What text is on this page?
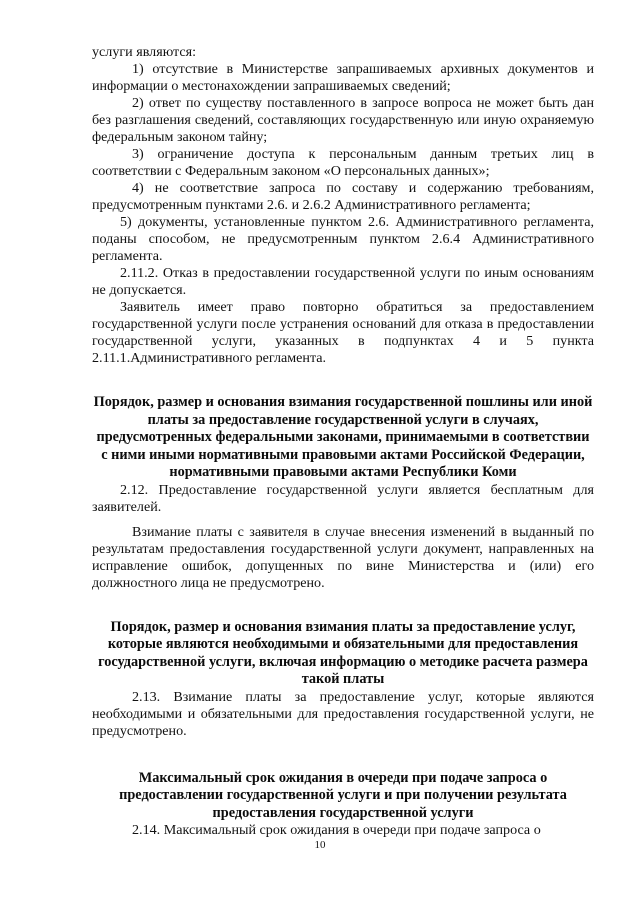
услуги являются:

1) отсутствие в Министерстве запрашиваемых архивных документов и информации о местонахождении запрашиваемых сведений;

2) ответ по существу поставленного в запросе вопроса не может быть дан без разглашения сведений, составляющих государственную или иную охраняемую федеральным законом тайну;

3) ограничение доступа к персональным данным третьих лиц в соответствии с Федеральным законом «О персональных данных»;

4) не соответствие запроса по составу и содержанию требованиям, предусмотренным пунктами 2.6. и 2.6.2 Административного регламента;

5) документы, установленные пунктом 2.6. Административного регламента, поданы способом, не предусмотренным пунктом 2.6.4 Административного регламента.

2.11.2. Отказ в предоставлении государственной услуги по иным основаниям не допускается.

Заявитель имеет право повторно обратиться за предоставлением государственной услуги после устранения оснований для отказа в предоставлении государственной услуги, указанных в подпунктах 4 и 5 пункта 2.11.1.Административного регламента.

Порядок, размер и основания взимания государственной пошлины или иной платы за предоставление государственной услуги в случаях, предусмотренных федеральными законами, принимаемыми в соответствии с ними иными нормативными правовыми актами Российской Федерации, нормативными правовыми актами Республики Коми

2.12. Предоставление государственной услуги является бесплатным для заявителей.

Взимание платы с заявителя в случае внесения изменений в выданный по результатам предоставления государственной услуги документ, направленных на исправление ошибок, допущенных по вине Министерства и (или) его должностного лица не предусмотрено.

Порядок, размер и основания взимания платы за предоставление услуг, которые являются необходимыми и обязательными для предоставления государственной услуги, включая информацию о методике расчета размера такой платы

2.13. Взимание платы за предоставление услуг, которые являются необходимыми и обязательными для предоставления государственной услуги, не предусмотрено.

Максимальный срок ожидания в очереди при подаче запроса о предоставлении государственной услуги и при получении результата предоставления государственной услуги

2.14. Максимальный срок ожидания в очереди при подаче запроса о

10
